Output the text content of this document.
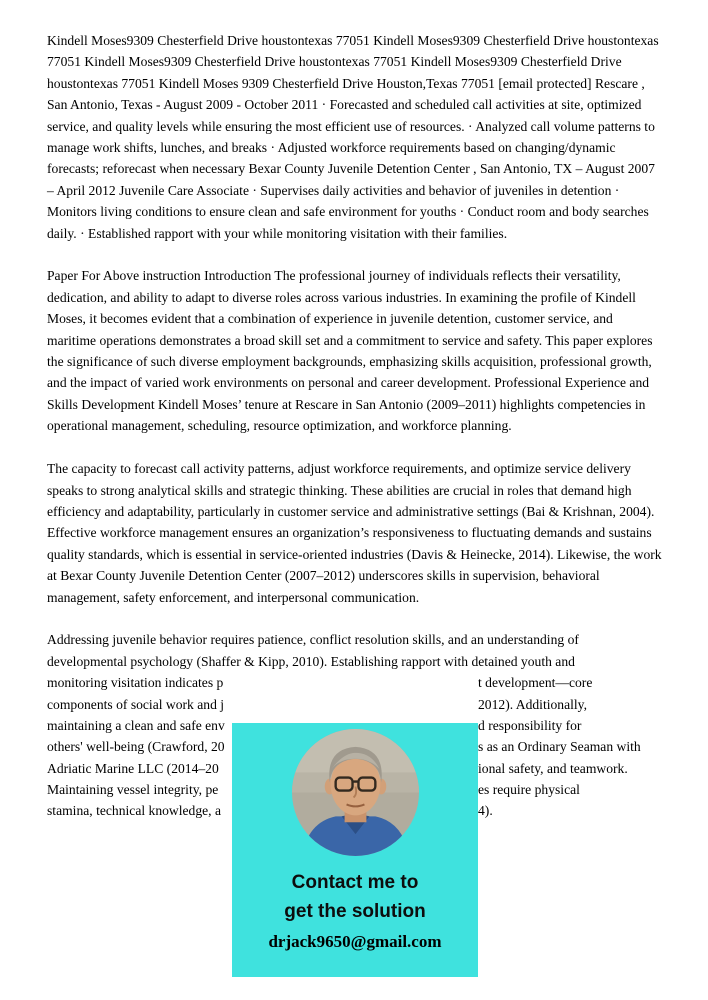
Kindell Moses9309 Chesterfield Drive houstontexas 77051 Kindell Moses9309 Chesterfield Drive houstontexas 77051 Kindell Moses9309 Chesterfield Drive houstontexas 77051 Kindell Moses9309 Chesterfield Drive houstontexas 77051 Kindell Moses 9309 Chesterfield Drive Houston,Texas 77051 [email protected] Rescare , San Antonio, Texas - August 2009 - October 2011 · Forecasted and scheduled call activities at site, optimized service, and quality levels while ensuring the most efficient use of resources. · Analyzed call volume patterns to manage work shifts, lunches, and breaks · Adjusted workforce requirements based on changing/dynamic forecasts; reforecast when necessary Bexar County Juvenile Detention Center , San Antonio, TX – August 2007 – April 2012 Juvenile Care Associate · Supervises daily activities and behavior of juveniles in detention · Monitors living conditions to ensure clean and safe environment for youths · Conduct room and body searches daily. · Established rapport with your while monitoring visitation with their families.

Paper For Above instruction Introduction The professional journey of individuals reflects their versatility, dedication, and ability to adapt to diverse roles across various industries. In examining the profile of Kindell Moses, it becomes evident that a combination of experience in juvenile detention, customer service, and maritime operations demonstrates a broad skill set and a commitment to service and safety. This paper explores the significance of such diverse employment backgrounds, emphasizing skills acquisition, professional growth, and the impact of varied work environments on personal and career development. Professional Experience and Skills Development Kindell Moses’ tenure at Rescare in San Antonio (2009–2011) highlights competencies in operational management, scheduling, resource optimization, and workforce planning.

The capacity to forecast call activity patterns, adjust workforce requirements, and optimize service delivery speaks to strong analytical skills and strategic thinking. These abilities are crucial in roles that demand high efficiency and adaptability, particularly in customer service and administrative settings (Bai & Krishnan, 2004). Effective workforce management ensures an organization’s responsiveness to fluctuating demands and sustains quality standards, which is essential in service-oriented industries (Davis & Heinecke, 2014). Likewise, the work at Bexar County Juvenile Detention Center (2007–2012) underscores skills in supervision, behavioral management, safety enforcement, and interpersonal communication.

Addressing juvenile behavior requires patience, conflict resolution skills, and an understanding of
developmental psychology (Shaffer & Kipp, 2010). Establishing rapport with detained youth and
monitoring visitation indicates p	t development—core
components of social work and j	2012). Additionally,
maintaining a clean and safe env	d responsibility for
others' well-being (Crawford, 20	s as an Ordinary Seaman with
Adriatic Marine LLC (2014–20	ional safety, and teamwork.
Maintaining vessel integrity, pe	es require physical
stamina, technical knowledge, a	4).
Contact me to
get the solution
drjack9650@gmail.com
